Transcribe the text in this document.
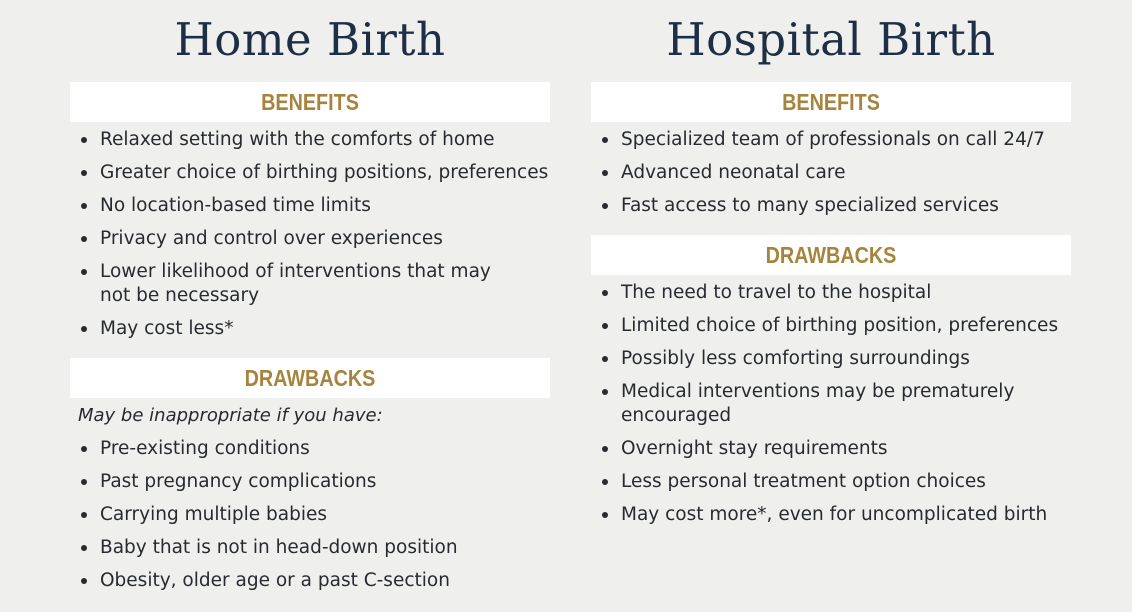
Home Birth
BENEFITS
Relaxed setting with the comforts of home
Greater choice of birthing positions, preferences
No location-based time limits
Privacy and control over experiences
Lower likelihood of interventions that may not be necessary
May cost less*
DRAWBACKS

May be inappropriate if you have:

Pre-existing conditions
Past pregnancy complications
Carrying multiple babies
Baby that is not in head-down position
Obesity, older age or a past C-section
Hospital Birth
BENEFITS
Specialized team of professionals on call 24/7
Advanced neonatal care
Fast access to many specialized services
DRAWBACKS
The need to travel to the hospital
Limited choice of birthing position, preferences
Possibly less comforting surroundings
Medical interventions may be prematurely encouraged
Overnight stay requirements
Less personal treatment option choices
May cost more*, even for uncomplicated birth
